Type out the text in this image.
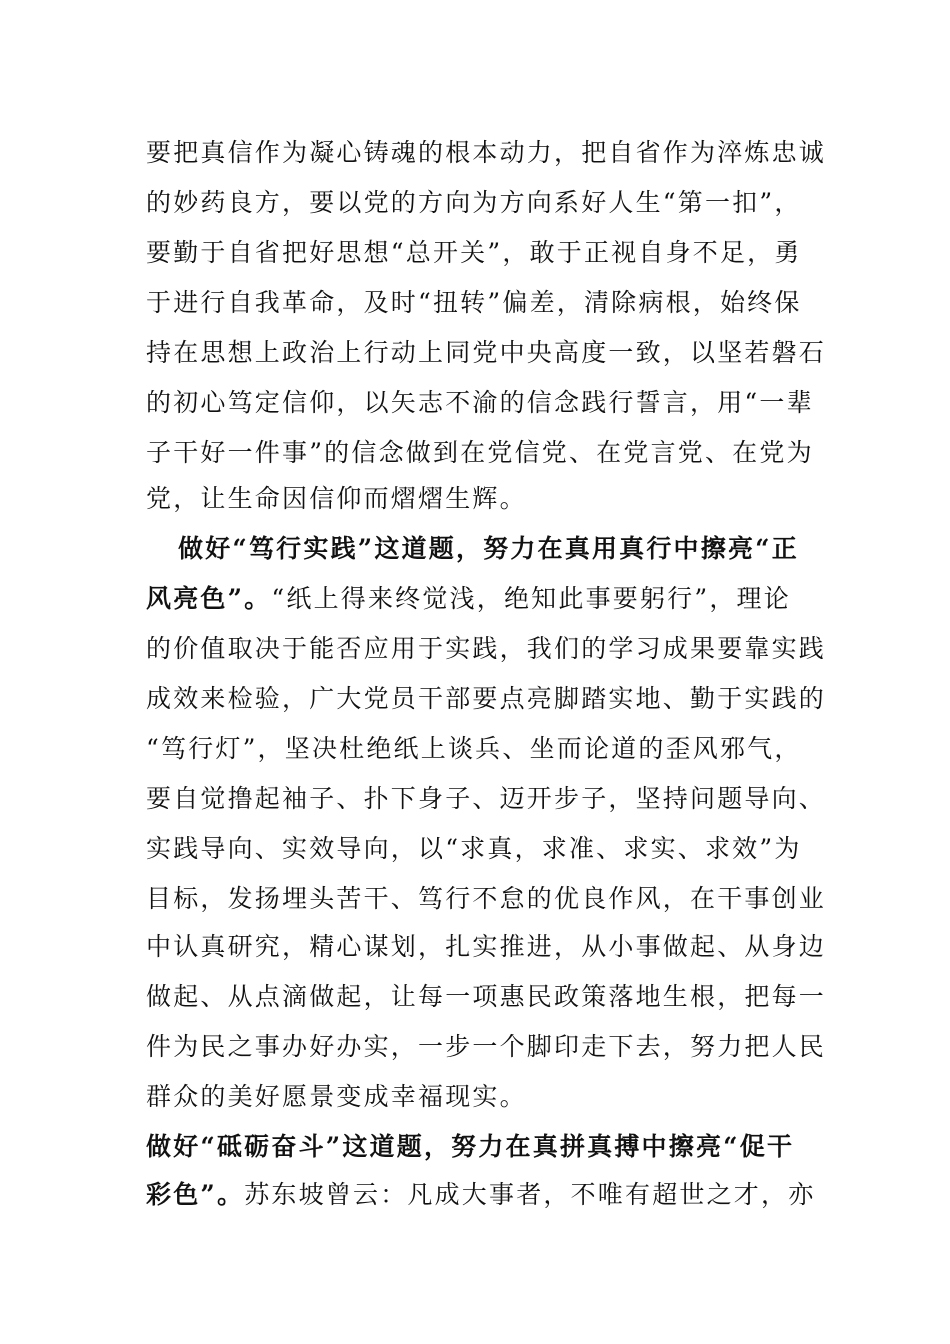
要把真信作为凝心铸魂的根本动力，把自省作为淬炼忠诚
的妙药良方，要以党的方向为方向系好人生“第一扣”，
要勤于自省把好思想“总开关”，敢于正视自身不足，勇
于进行自我革命，及时“扭转”偏差，清除病根，始终保
持在思想上政治上行动上同党中央高度一致，以坚若磐石
的初心笃定信仰，以矢志不渝的信念践行誓言，用“一辈
子干好一件事”的信念做到在党信党、在党言党、在党为
党，让生命因信仰而熠熠生辉。
做好“笃行实践”这道题，努力在真用真行中擦亮“正
风亮色”。“纸上得来终觉浅，绝知此事要躬行”，理论
的价值取决于能否应用于实践，我们的学习成果要靠实践
成效来检验，广大党员干部要点亮脚踏实地、勤于实践的
“笃行灯”，坚决杜绝纸上谈兵、坐而论道的歪风邪气，
要自觉撸起袖子、扑下身子、迈开步子，坚持问题导向、
实践导向、实效导向，以“求真，求准、求实、求效”为
目标，发扬埋头苦干、笃行不怠的优良作风，在干事创业
中认真研究，精心谋划，扎实推进，从小事做起、从身边
做起、从点滴做起，让每一项惠民政策落地生根，把每一
件为民之事办好办实，一步一个脚印走下去，努力把人民
群众的美好愿景变成幸福现实。
做好“砥砺奋斗”这道题，努力在真拼真搏中擦亮“促干
彩色”。苏东坡曾云：凡成大事者，不唯有超世之才，亦
